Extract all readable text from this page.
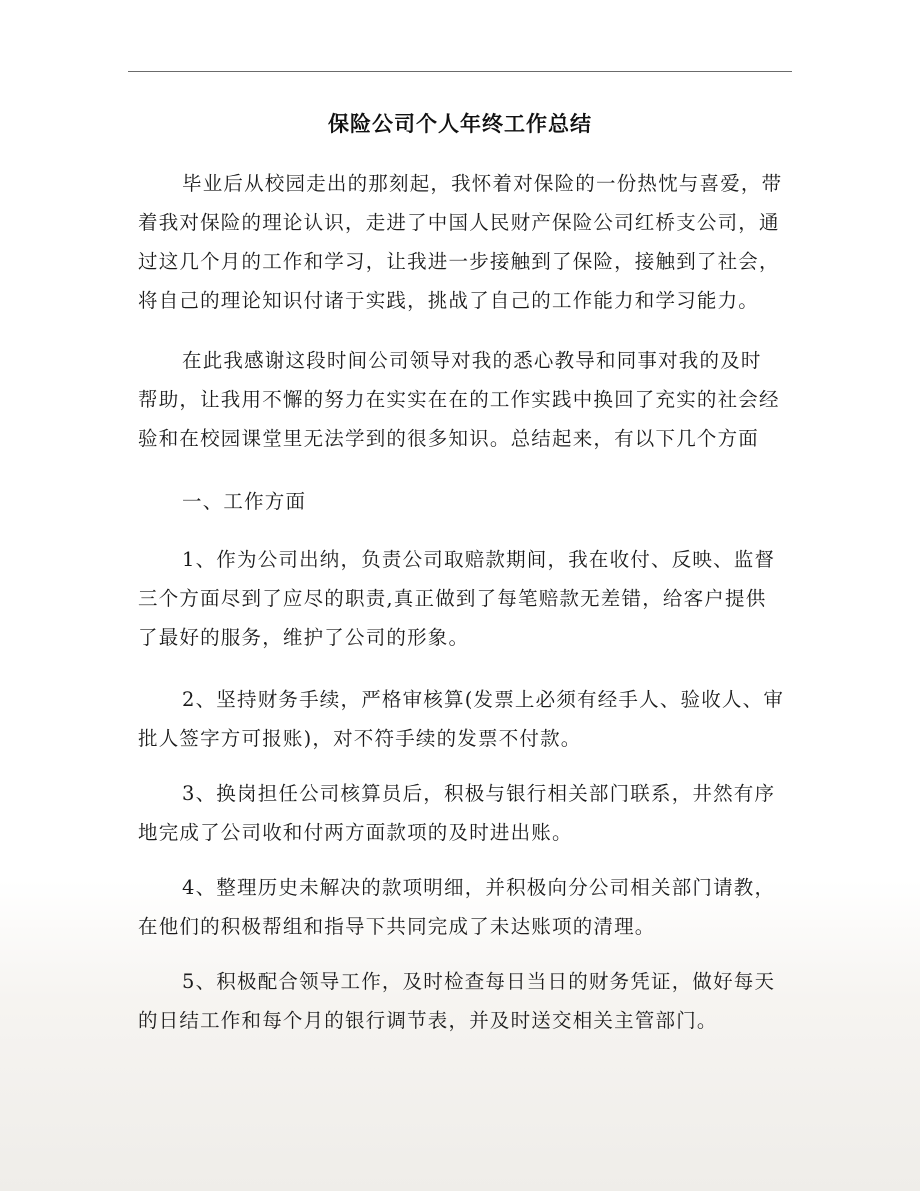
保险公司个人年终工作总结
毕业后从校园走出的那刻起，我怀着对保险的一份热忱与喜爱，带
着我对保险的理论认识，走进了中国人民财产保险公司红桥支公司，通
过这几个月的工作和学习，让我进一步接触到了保险，接触到了社会，
将自己的理论知识付诸于实践，挑战了自己的工作能力和学习能力。
在此我感谢这段时间公司领导对我的悉心教导和同事对我的及时
帮助，让我用不懈的努力在实实在在的工作实践中换回了充实的社会经
验和在校园课堂里无法学到的很多知识。总结起来，有以下几个方面
一、工作方面
1、作为公司出纳，负责公司取赔款期间，我在收付、反映、监督
三个方面尽到了应尽的职责,真正做到了每笔赔款无差错，给客户提供
了最好的服务，维护了公司的形象。
2、坚持财务手续，严格审核算(发票上必须有经手人、验收人、审
批人签字方可报账)，对不符手续的发票不付款。
3、换岗担任公司核算员后，积极与银行相关部门联系，井然有序
地完成了公司收和付两方面款项的及时进出账。
4、整理历史未解决的款项明细，并积极向分公司相关部门请教，
在他们的积极帮组和指导下共同完成了未达账项的清理。
5、积极配合领导工作，及时检查每日当日的财务凭证，做好每天
的日结工作和每个月的银行调节表，并及时送交相关主管部门。
